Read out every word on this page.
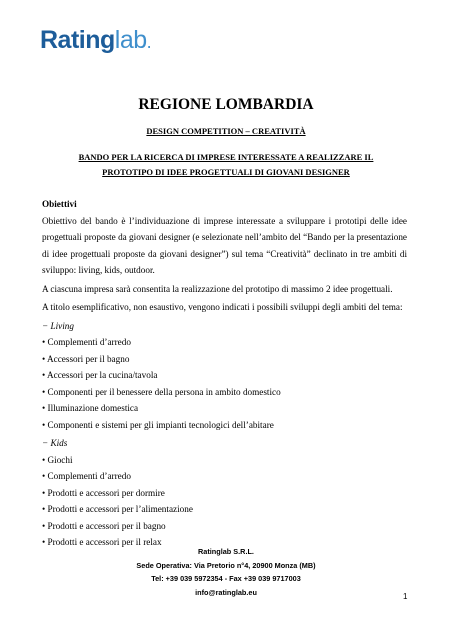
Ratinglab.
REGIONE LOMBARDIA
DESIGN COMPETITION – CREATIVITÀ
BANDO PER LA RICERCA DI IMPRESE INTERESSATE A REALIZZARE IL
PROTOTIPO DI IDEE PROGETTUALI DI GIOVANI DESIGNER
Obiettivi
Obiettivo del bando è l’individuazione di imprese interessate a sviluppare i prototipi delle idee
progettuali proposte da giovani designer (e selezionate nell’ambito del “Bando per la presentazione
di idee progettuali proposte da giovani designer”) sul tema “Creatività” declinato in tre ambiti di
sviluppo: living, kids, outdoor.
A ciascuna impresa sarà consentita la realizzazione del prototipo di massimo 2 idee progettuali.
A titolo esemplificativo, non esaustivo, vengono indicati i possibili sviluppi degli ambiti del tema:
− Living
• Complementi d’arredo
• Accessori per il bagno
• Accessori per la cucina/tavola
• Componenti per il benessere della persona in ambito domestico
• Illuminazione domestica
• Componenti e sistemi per gli impianti tecnologici dell’abitare
− Kids
• Giochi
• Complementi d’arredo
• Prodotti e accessori per dormire
• Prodotti e accessori per l’alimentazione
• Prodotti e accessori per il bagno
• Prodotti e accessori per il relax
Ratinglab S.R.L.
Sede Operativa: Via Pretorio n°4, 20900 Monza (MB)
Tel: +39 039 5972354 - Fax +39 039 9717003
info@ratinglab.eu	1
